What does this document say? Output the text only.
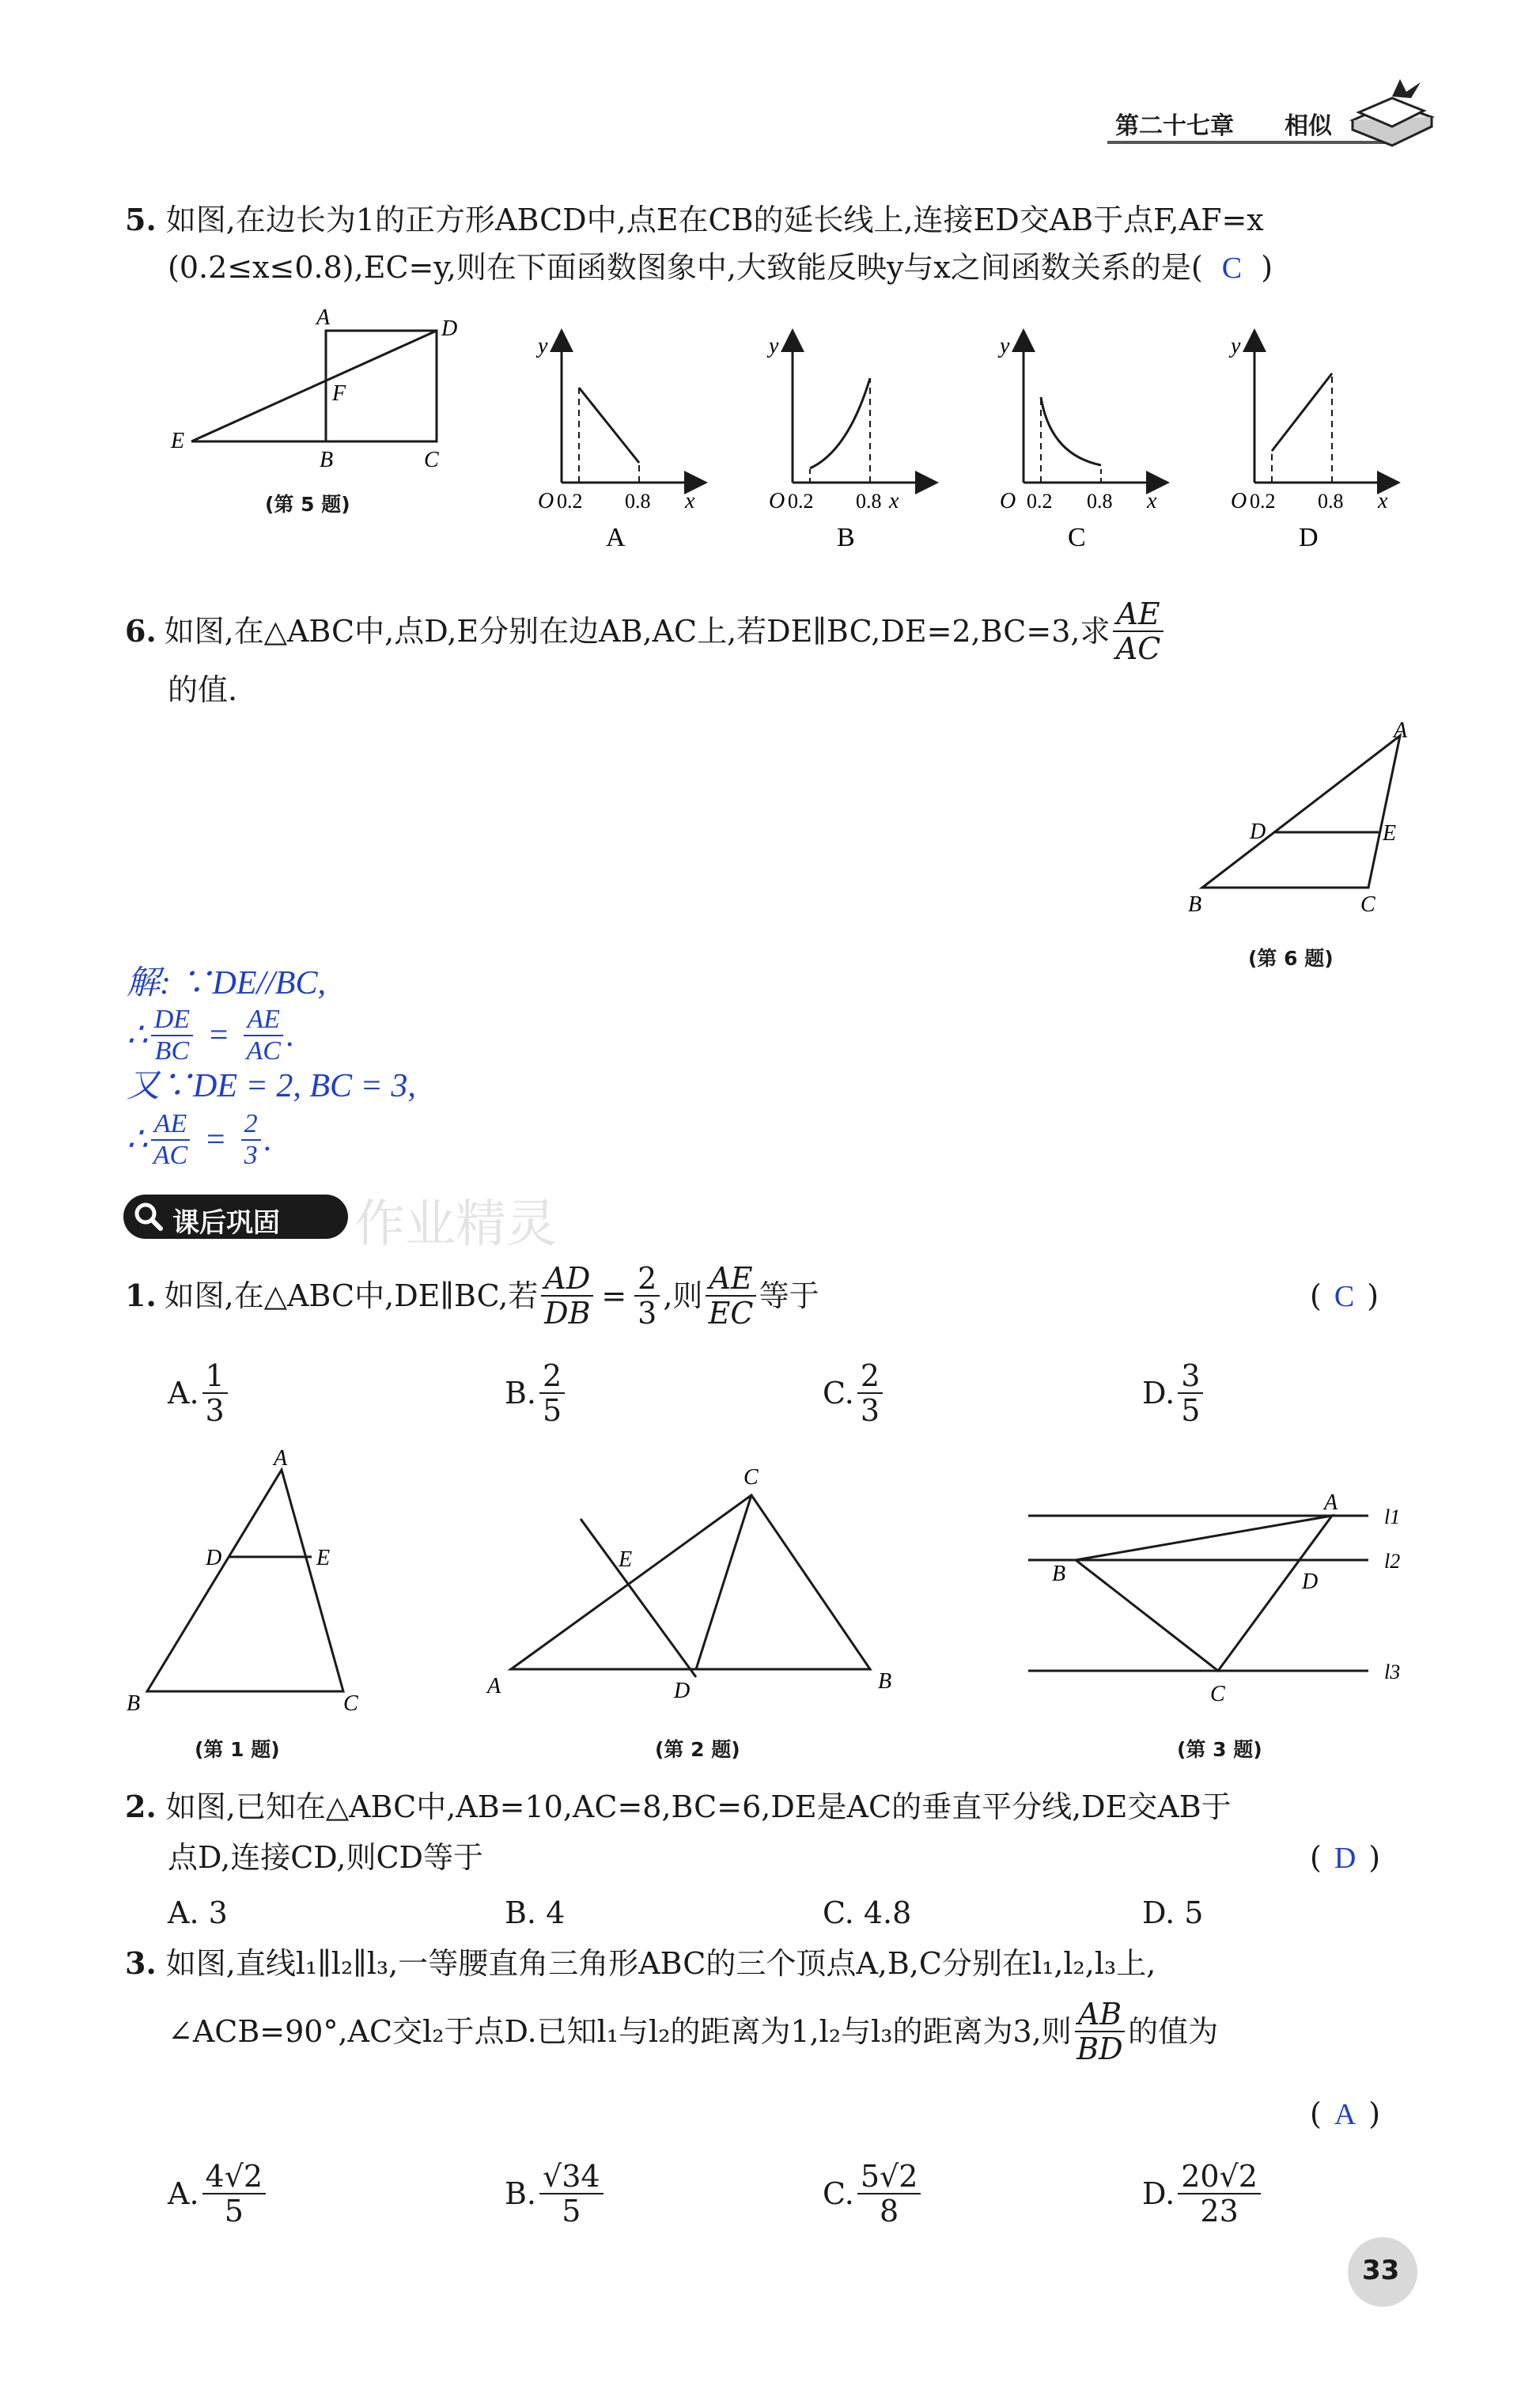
第二十七章 相似
5. 如图,在边长为1的正方形ABCD中,点E在CB的延长线上,连接ED交AB于点F,AF=x
(0.2≤x≤0.8),EC=y,则在下面函数图象中,大致能反映y与x之间函数关系的是( C )
A	D
F
E
B	C
(第 5 题)
y
O 0.2 0.8 x
A
y
O 0.2 0.8 x
B
y
O 0.2 0.8 x
C
y
O 0.2 0.8 x
D
6. 如图,在△ABC中,点D,E分别在边AB,AC上,若DE∥BC,DE=2,BC=3,求 $\frac{AE}{AC}$
的值.
A
D	E
B	C
(第 6 题)
解: ∵DE//BC,
∴ $\frac{DE}{BC} = \frac{AE}{AC}$ .
又∵DE = 2, BC = 3,
∴ $\frac{AE}{AC} = \frac{2}{3}$ .
课后巩固 作业精灵
1. 如图,在△ABC中,DE∥BC,若 $\frac{AD}{DB} = \frac{2}{3}$ ,则 $\frac{AE}{EC}$ 等于	( C )
A. $\frac{1}{3}$	B. $\frac{2}{5}$	C. $\frac{2}{3}$	D. $\frac{3}{5}$
AB	A
D	E
B	C
(第 1 题)
C
E
A	D	B
(第 2 题)
A
B	D
C
l1
l2
l3
(第 3 题)
2. 如图,已知在△ABC中,AB=10,AC=8,BC=6,DE是AC的垂直平分线,DE交AB于
点D,连接CD,则CD等于	( D )
A. 3	B. 4	C. 4.8	D. 5
3. 如图,直线l₁∥l₂∥l₃,一等腰直角三角形ABC的三个顶点A,B,C分别在l₁,l₂,l₃上,
∠ACB=90°,AC交l₂于点D.已知l₁与l₂的距离为1,l₂与l₃的距离为3,则 $\frac{AB}{BD}$ 的值为
( A )
A. $\frac{4√2}{5}$	B. $\frac{√34}{5}$	C. $\frac{5√2}{8}$	D. $\frac{20√2}{23}$
33
